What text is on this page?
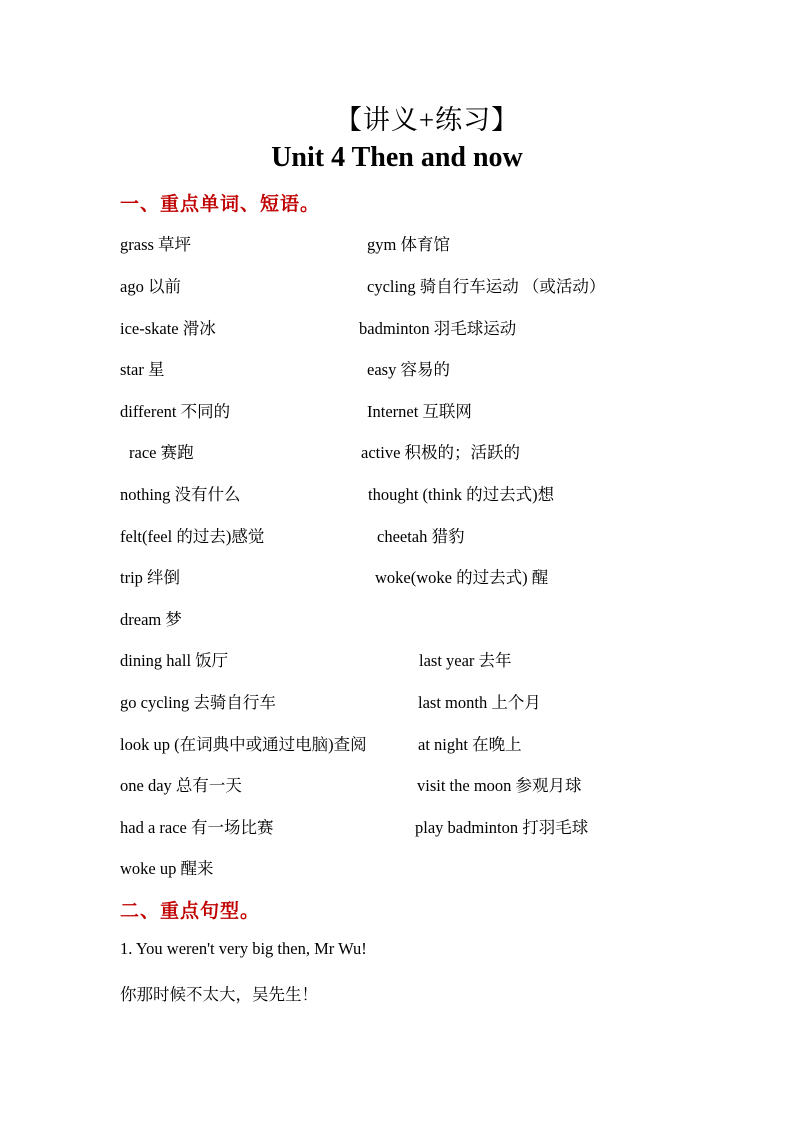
【讲义+练习】
Unit 4 Then and now
一、重点单词、短语。
grass 草坪	gym 体育馆
ago 以前	cycling 骑自行车运动 （或活动）
ice-skate 滑冰	badminton 羽毛球运动
star 星	easy 容易的
different 不同的	Internet 互联网
race 赛跑	active 积极的；活跃的
nothing 没有什么	thought (think 的过去式)想
felt(feel 的过去)感觉	cheetah 猎豹
trip 绊倒	woke(woke 的过去式) 醒
dream 梦
dining hall 饭厅	last year 去年
go cycling 去骑自行车	last month 上个月
look up (在词典中或通过电脑)查阅	at night 在晚上
one day 总有一天	visit the moon 参观月球
had a race 有一场比赛	play badminton 打羽毛球
woke up 醒来
二、重点句型。
1. You weren't very big then, Mr Wu!
你那时候不太大，吴先生！
